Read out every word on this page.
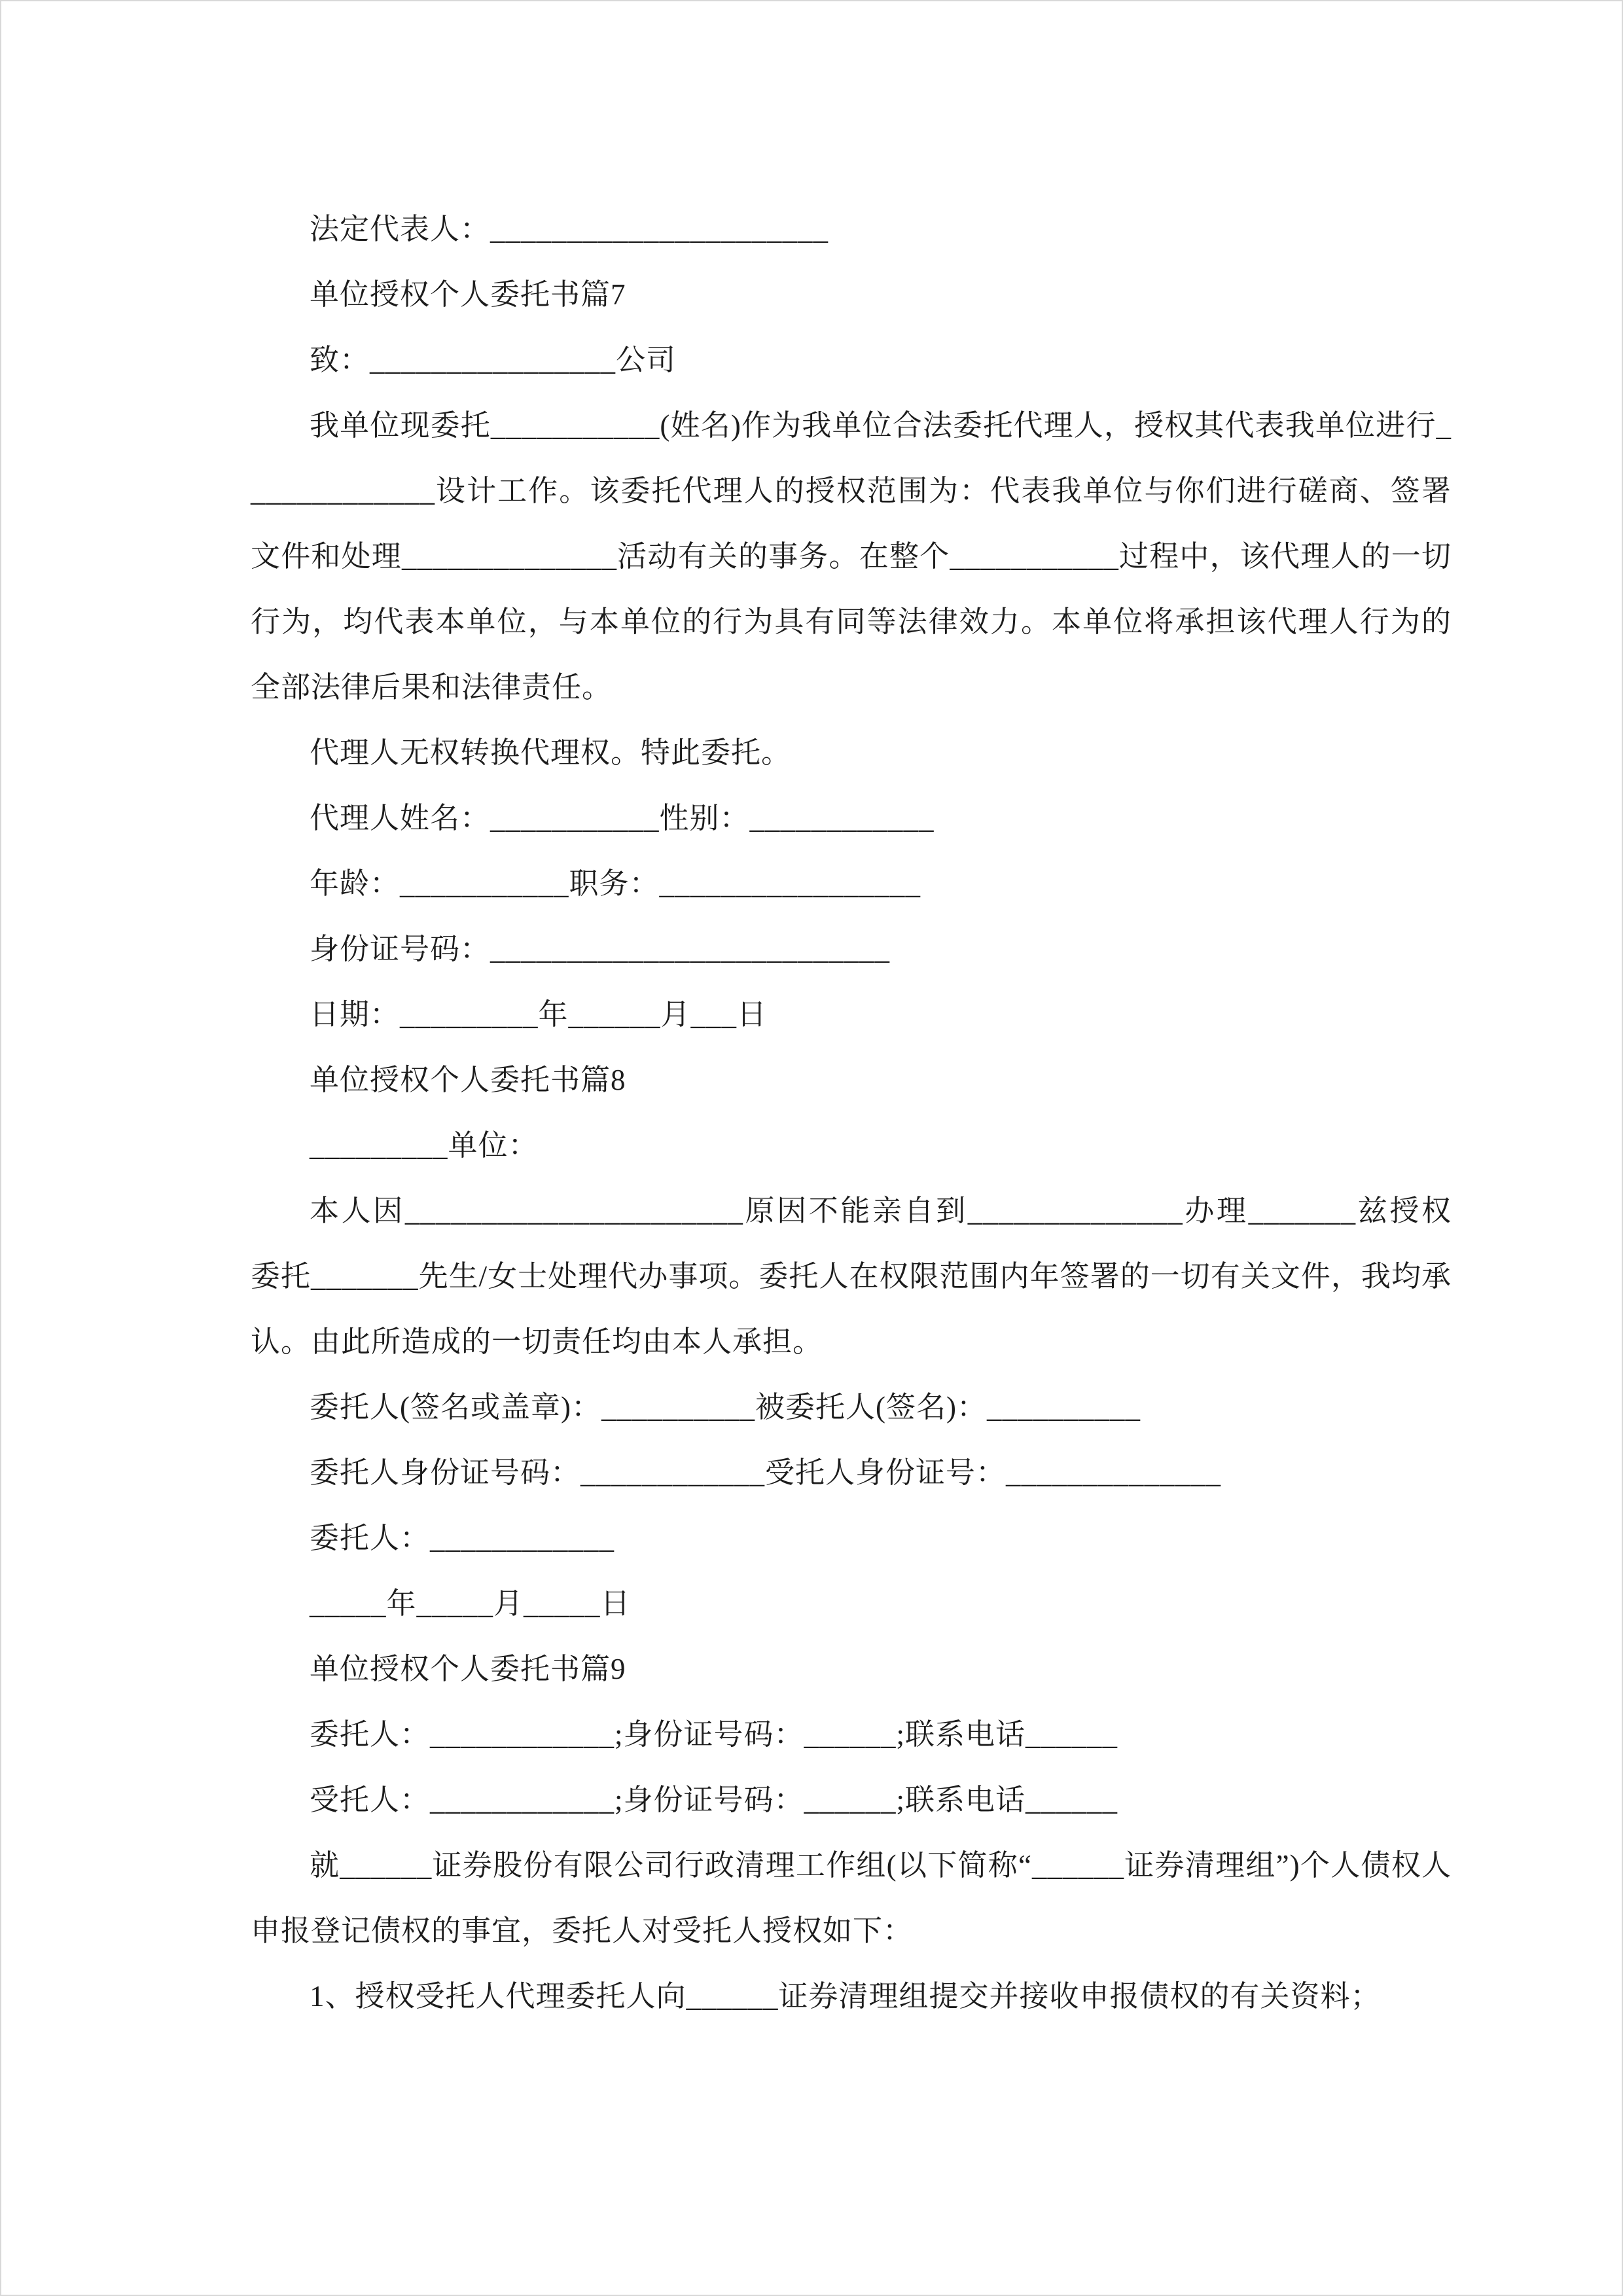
法定代表人：______________________

单位授权个人委托书篇7

致：________________公司

我单位现委托___________(姓名)作为我单位合法委托代理人，授权其代表我单位进行_____________设计工作。该委托代理人的授权范围为：代表我单位与你们进行磋商、签署文件和处理______________活动有关的事务。在整个___________过程中，该代理人的一切行为，均代表本单位，与本单位的行为具有同等法律效力。本单位将承担该代理人行为的全部法律后果和法律责任。

代理人无权转换代理权。特此委托。

代理人姓名：___________性别：____________

年龄：___________职务：_________________

身份证号码：__________________________

日期：_________年______月___日

单位授权个人委托书篇8

_________单位：

本人因______________________原因不能亲自到______________办理_______兹授权委托_______先生/女士处理代办事项。委托人在权限范围内年签署的一切有关文件，我均承认。由此所造成的一切责任均由本人承担。

委托人(签名或盖章)：__________被委托人(签名)：__________

委托人身份证号码：____________受托人身份证号：______________

委托人：____________

_____年_____月_____日

单位授权个人委托书篇9

委托人：____________;身份证号码：______;联系电话______

受托人：____________;身份证号码：______;联系电话______

就______证券股份有限公司行政清理工作组(以下简称“______证券清理组”)个人债权人申报登记债权的事宜，委托人对受托人授权如下：

1、授权受托人代理委托人向______证券清理组提交并接收申报债权的有关资料；
